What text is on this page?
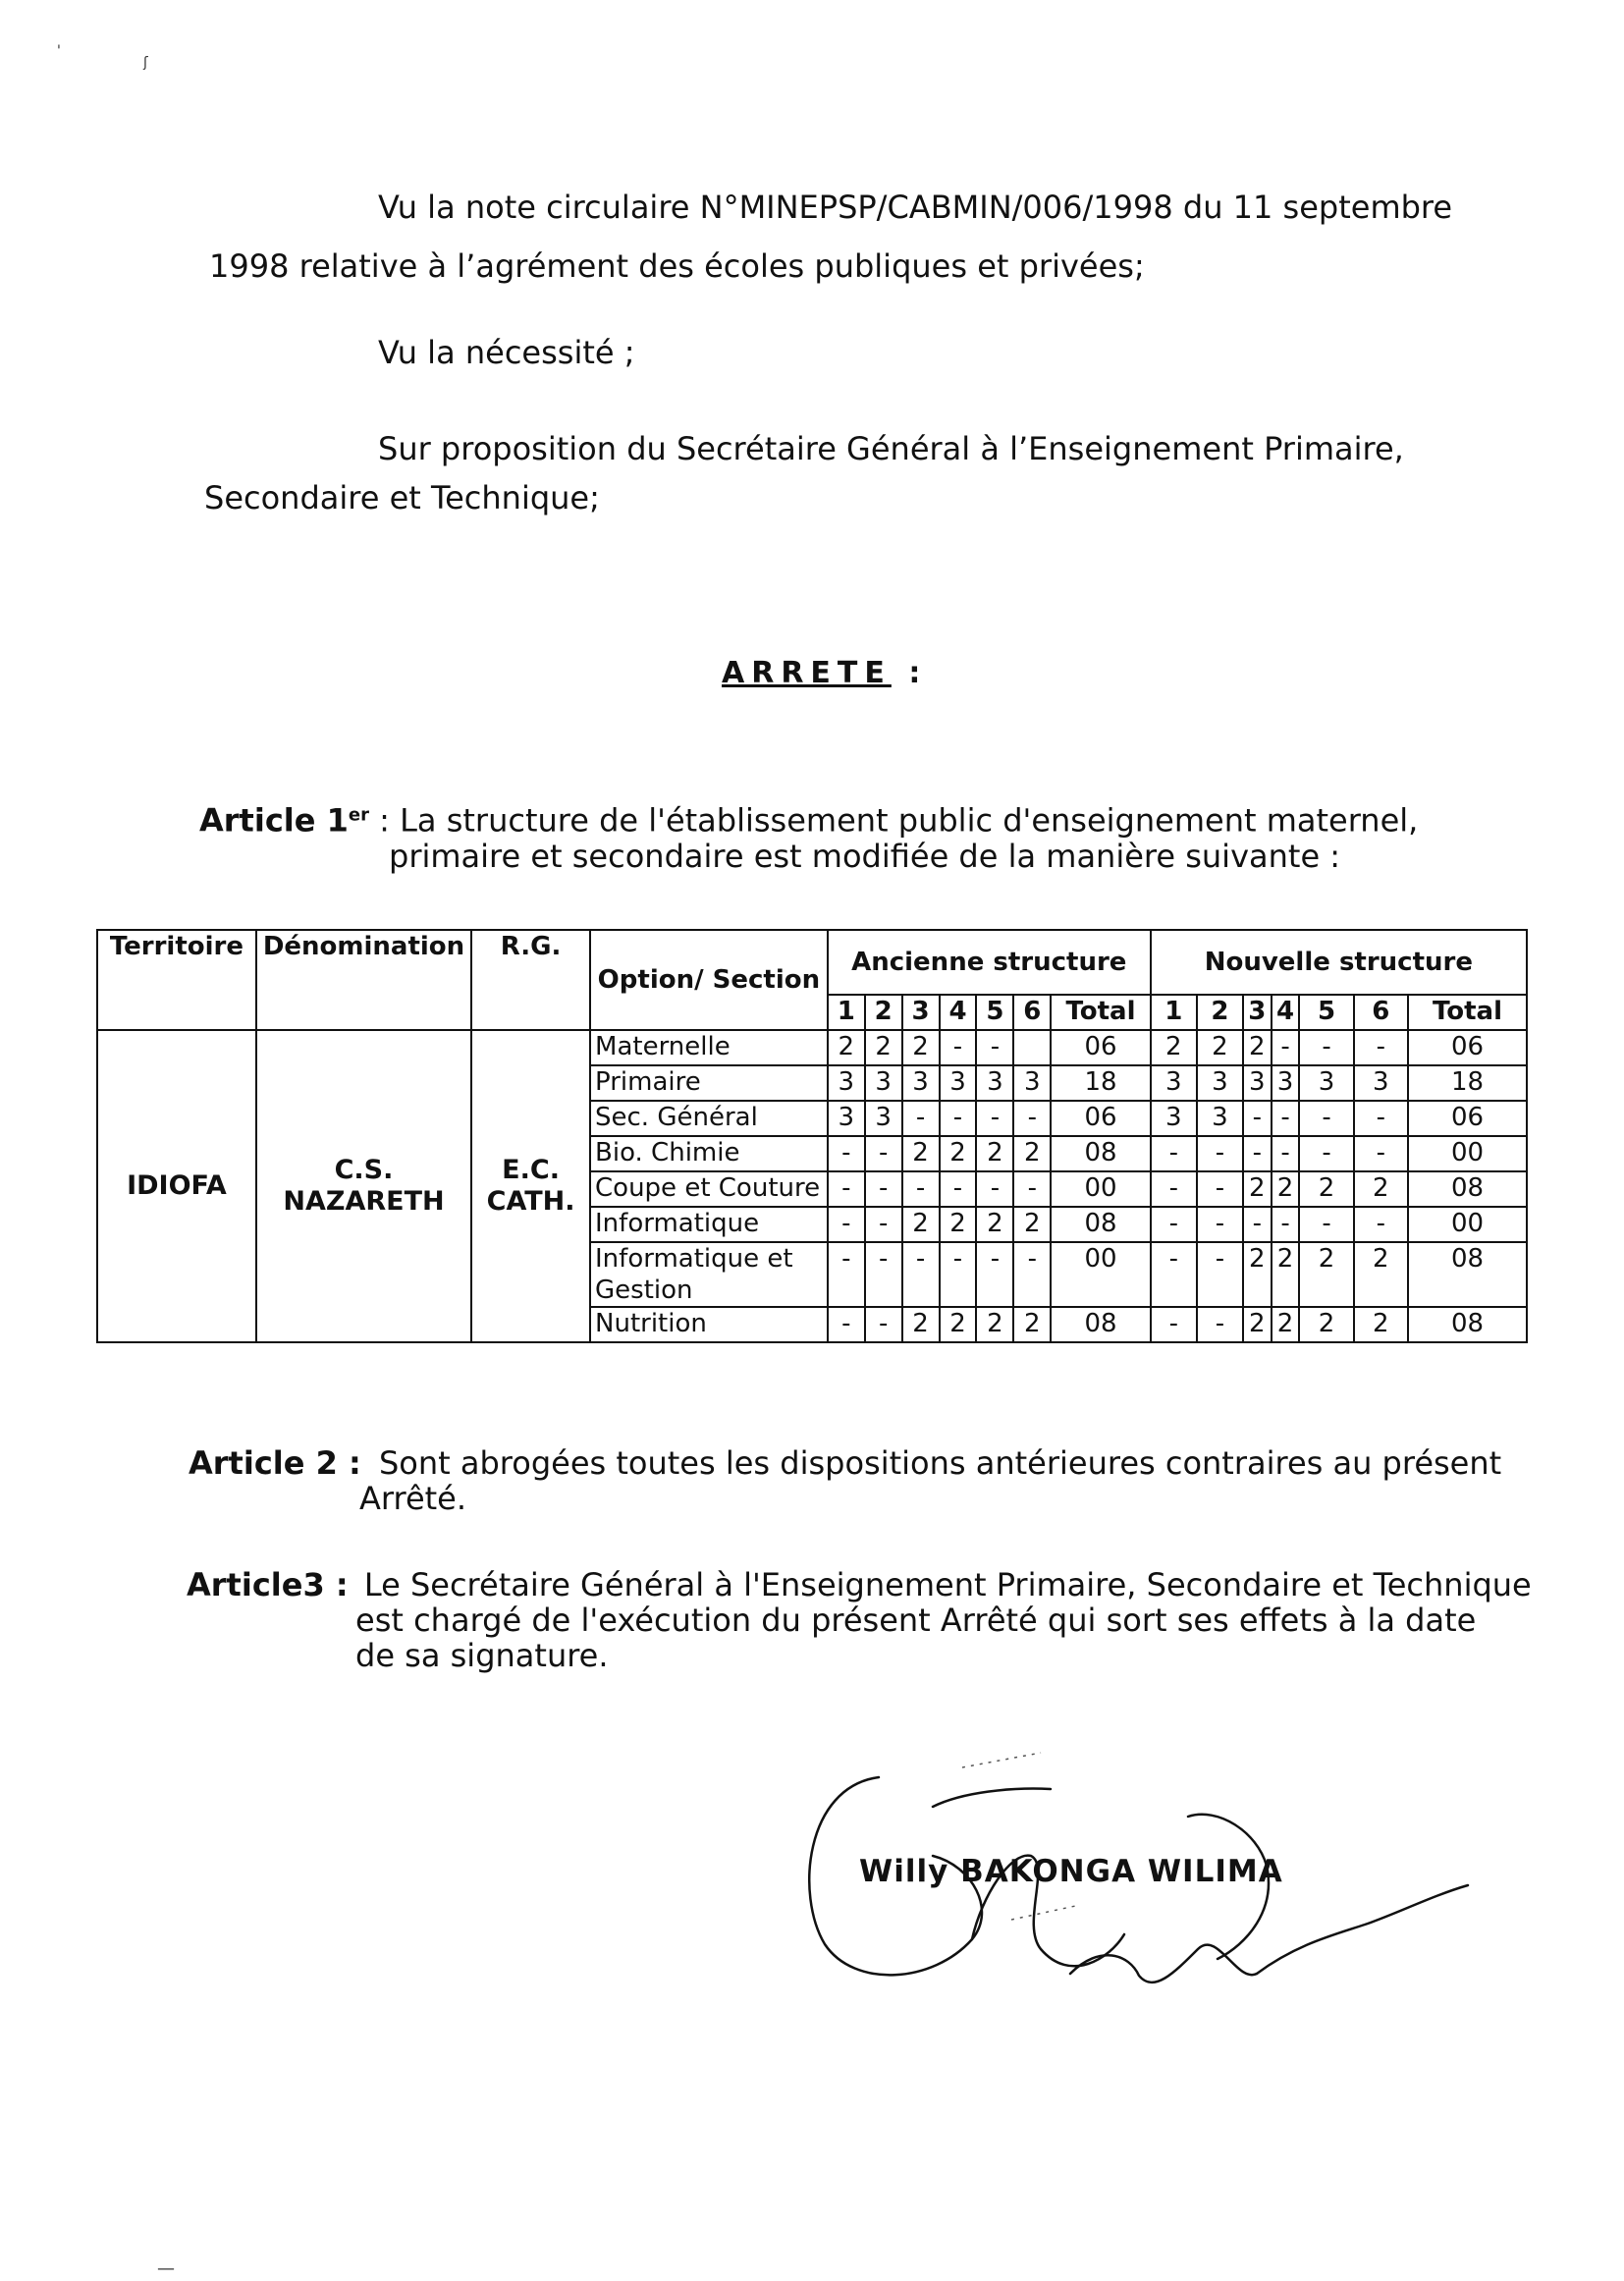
'
ʃ

Vu la note circulaire N°MINEPSP/CABMIN/006/1998 du 11 septembre

1998 relative à l’agrément des écoles publiques et privées;

Vu la nécessité ;

Sur proposition du Secrétaire Général à l’Enseignement Primaire,

Secondaire et Technique;

ARRETE :
Article 1er : La structure de l'établissement public d'enseignement maternel,
primaire et secondaire est modifiée de la manière suivante :
Territoire	Dénomination	R.G.	Option/ Section	Ancienne structure							Nouvelle structure						
				1	2	3	4	5	6	Total	1	2	3	4	5	6	Total
IDIOFA	C.S. NAZARETH	E.C. CATH.	Maternelle	2	2	2	-	-		06	2	2	2	-	-	-	06
			Primaire	3	3	3	3	3	3	18	3	3	3	3	3	3	18
			Sec. Général	3	3	-	-	-	-	06	3	3	-	-	-	-	06
			Bio. Chimie	-	-	2	2	2	2	08	-	-	-	-	-	-	00
			Coupe et Couture	-	-	-	-	-	-	00	-	-	2	2	2	2	08
			Informatique	-	-	2	2	2	2	08	-	-	-	-	-	-	00
			Informatique et Gestion	-	-	-	-	-	-	00	-	-	2	2	2	2	08
			Nutrition	-	-	2	2	2	2	08	-	-	2	2	2	2	08
Article 2 : Sont abrogées toutes les dispositions antérieures contraires au présent
Arrêté.
Article3 : Le Secrétaire Général à l'Enseignement Primaire, Secondaire et Technique
est chargé de l'exécution du présent Arrêté qui sort ses effets à la date
de sa signature.
Willy BAKONGA WILIMA
—
